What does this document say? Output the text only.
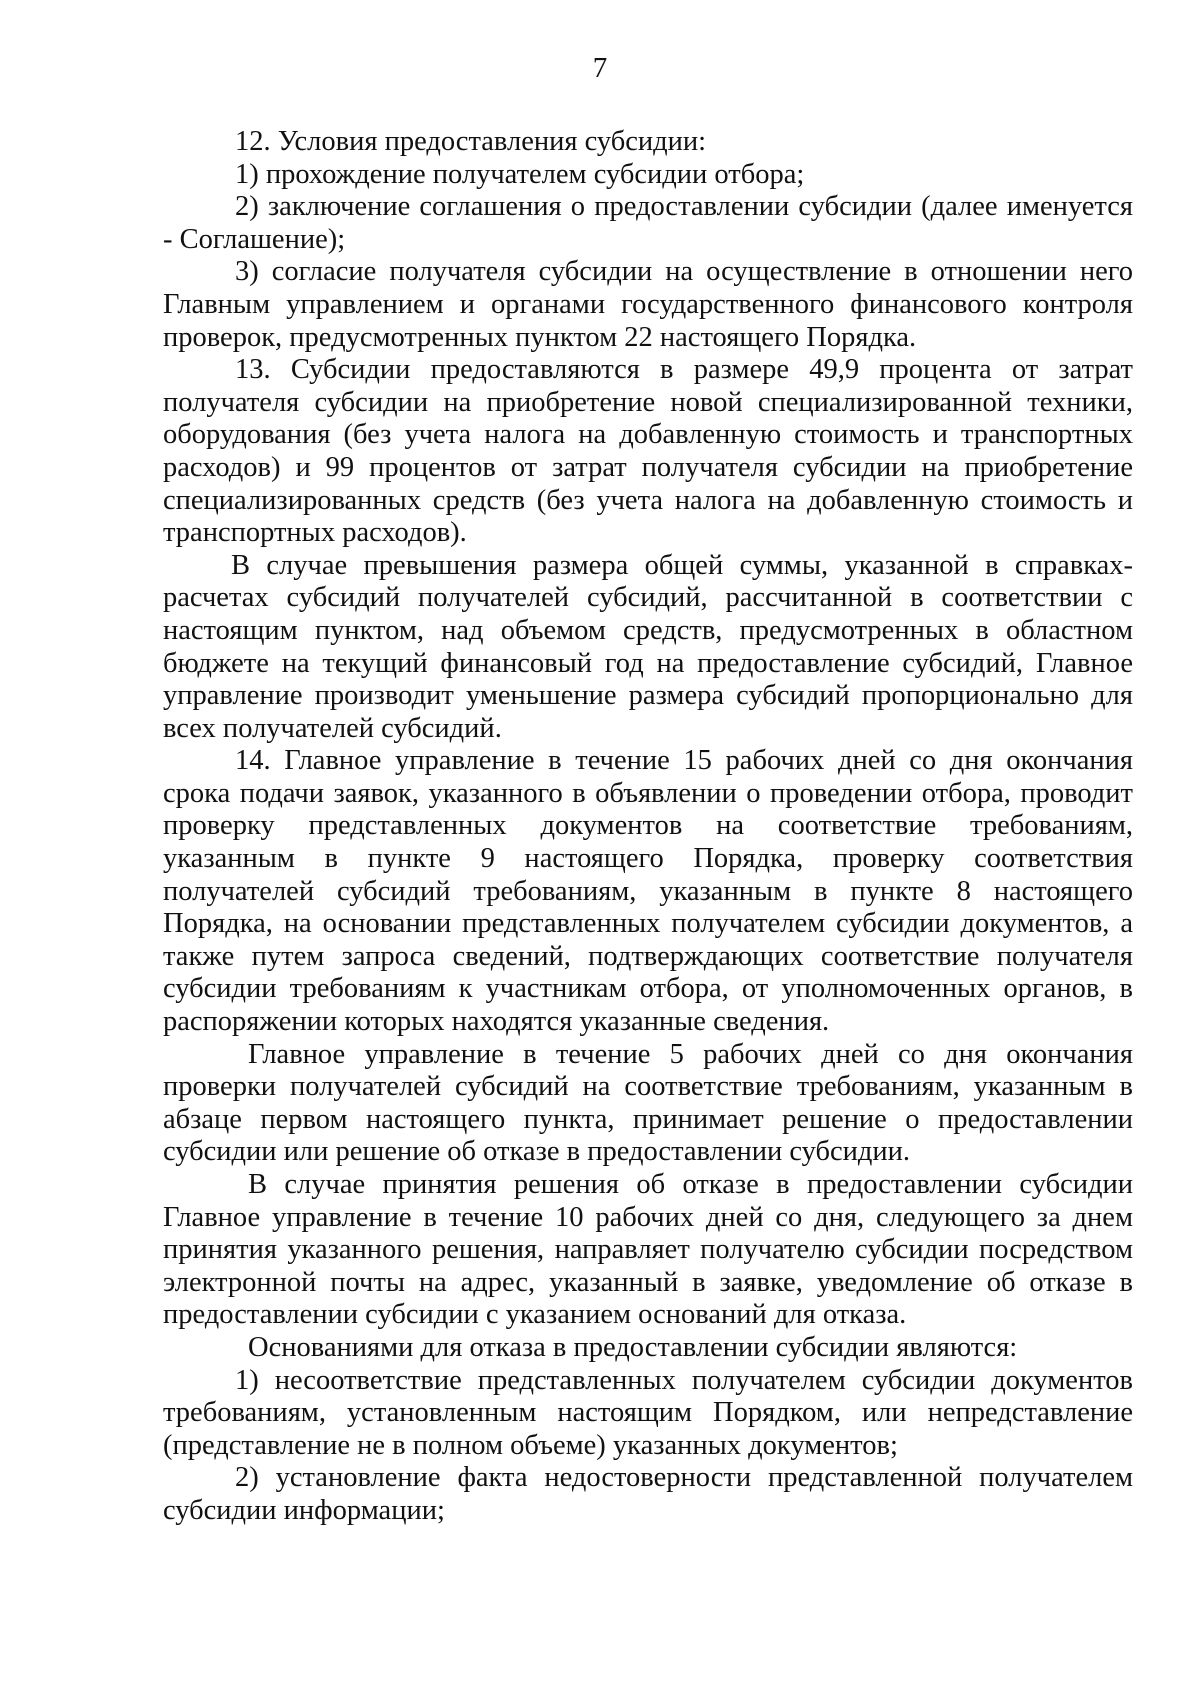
7

12. Условия предоставления субсидии:

1) прохождение получателем субсидии отбора;

2) заключение соглашения о предоставлении субсидии (далее именуется - Соглашение);

3) согласие получателя субсидии на осуществление в отношении него Главным управлением и органами государственного финансового контроля проверок, предусмотренных пунктом 22 настоящего Порядка.

13. Субсидии предоставляются в размере 49,9 процента от затрат получателя субсидии на приобретение новой специализированной техники, оборудования (без учета налога на добавленную стоимость и транспортных расходов) и 99 процентов от затрат получателя субсидии на приобретение специализированных средств (без учета налога на добавленную стоимость и транспортных расходов).

В случае превышения размера общей суммы, указанной в справках-расчетах субсидий получателей субсидий, рассчитанной в соответствии с настоящим пунктом, над объемом средств, предусмотренных в областном бюджете на текущий финансовый год на предоставление субсидий, Главное управление производит уменьшение размера субсидий пропорционально для всех получателей субсидий.

14. Главное управление в течение 15 рабочих дней со дня окончания срока подачи заявок, указанного в объявлении о проведении отбора, проводит проверку представленных документов на соответствие требованиям, указанным в пункте 9 настоящего Порядка, проверку соответствия получателей субсидий требованиям, указанным в пункте 8 настоящего Порядка, на основании представленных получателем субсидии документов, а также путем запроса сведений, подтверждающих соответствие получателя субсидии требованиям к участникам отбора, от уполномоченных органов, в распоряжении которых находятся указанные сведения.

Главное управление в течение 5 рабочих дней со дня окончания проверки получателей субсидий на соответствие требованиям, указанным в абзаце первом настоящего пункта, принимает решение о предоставлении субсидии или решение об отказе в предоставлении субсидии.

В случае принятия решения об отказе в предоставлении субсидии Главное управление в течение 10 рабочих дней со дня, следующего за днем принятия указанного решения, направляет получателю субсидии посредством электронной почты на адрес, указанный в заявке, уведомление об отказе в предоставлении субсидии с указанием оснований для отказа.

Основаниями для отказа в предоставлении субсидии являются:

1) несоответствие представленных получателем субсидии документов требованиям, установленным настоящим Порядком, или непредставление (представление не в полном объеме) указанных документов;

2) установление факта недостоверности представленной получателем субсидии информации;
